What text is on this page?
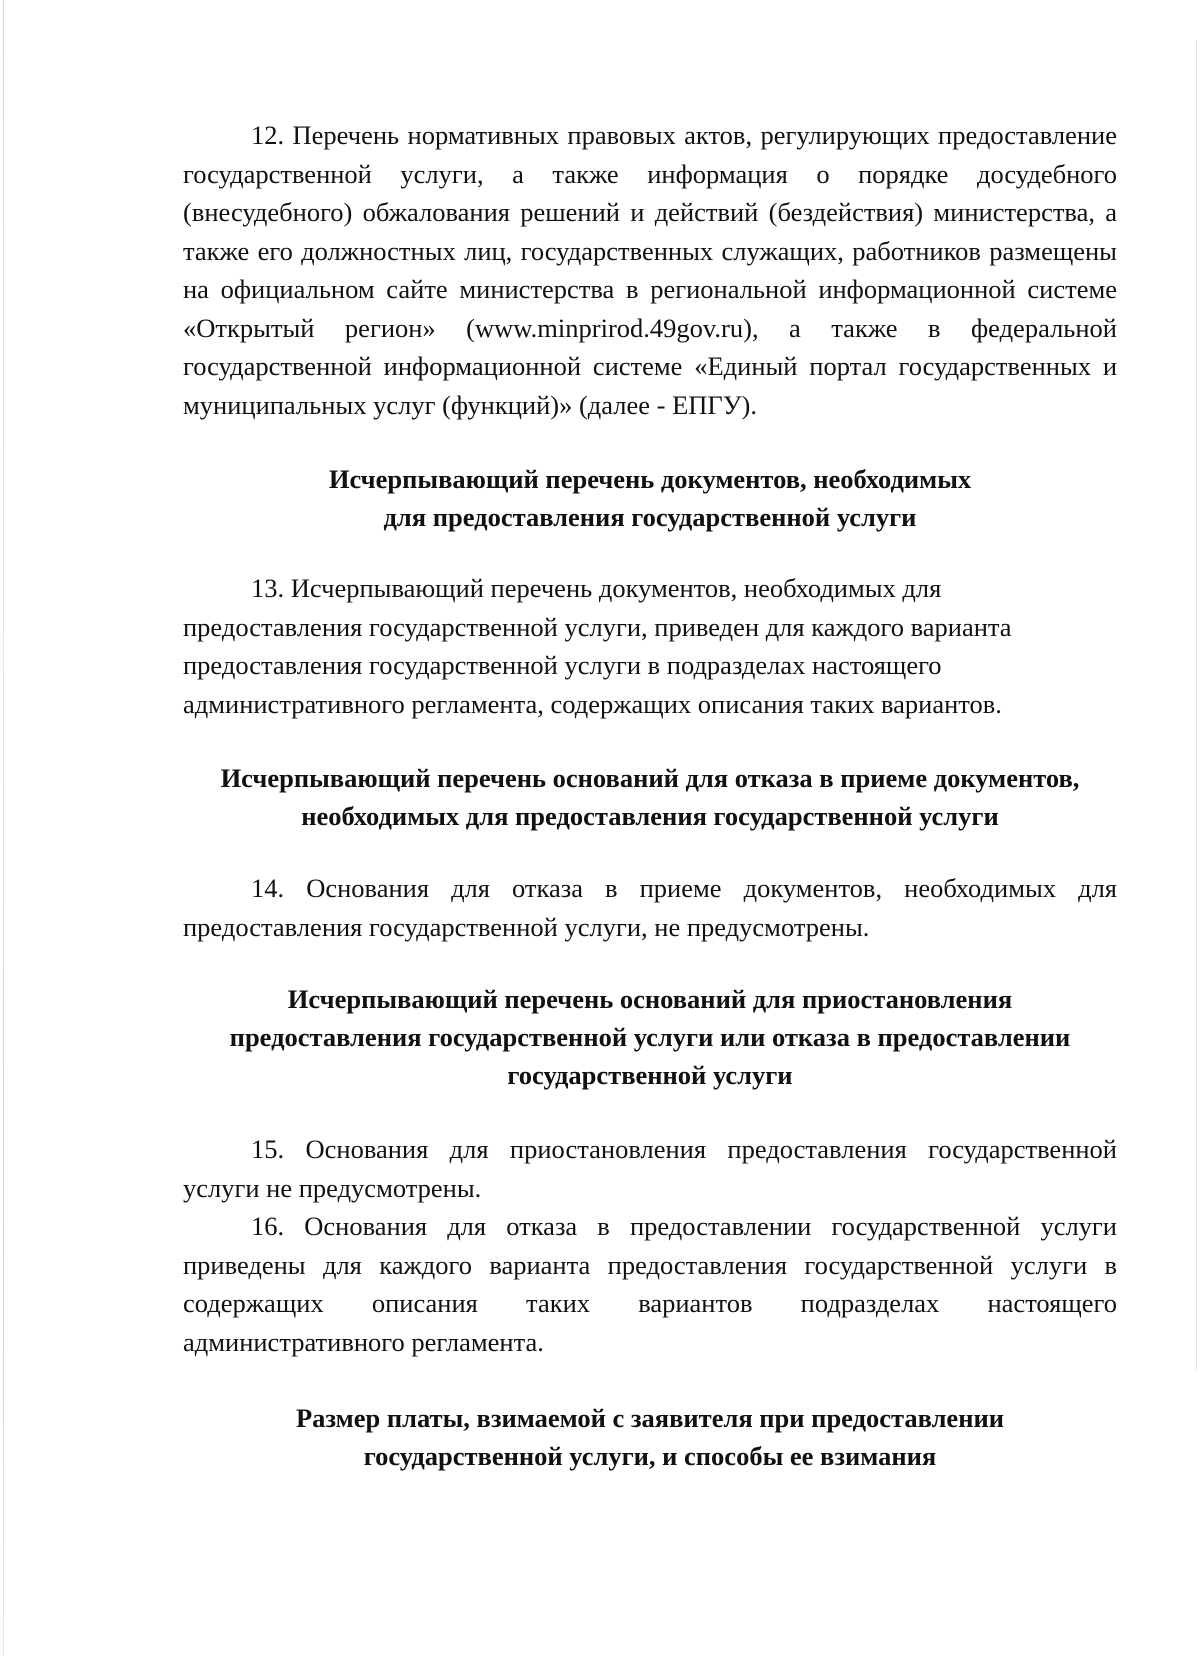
12. Перечень нормативных правовых актов, регулирующих предоставление государственной услуги, а также информация о порядке досудебного (внесудебного) обжалования решений и действий (бездействия) министерства, а также его должностных лиц, государственных служащих, работников размещены на официальном сайте министерства в региональной информационной системе «Открытый регион» (www.minprirod.49gov.ru), а также в федеральной государственной информационной системе «Единый портал государственных и муниципальных услуг (функций)» (далее - ЕПГУ).

Исчерпывающий перечень документов, необходимых
для предоставления государственной услуги
13. Исчерпывающий перечень документов, необходимых для
предоставления государственной услуги, приведен для каждого варианта
предоставления государственной услуги в подразделах настоящего
административного регламента, содержащих описания таких вариантов.
Исчерпывающий перечень оснований для отказа в приеме документов,
необходимых для предоставления государственной услуги

14. Основания для отказа в приеме документов, необходимых для предоставления государственной услуги, не предусмотрены.

Исчерпывающий перечень оснований для приостановления
предоставления государственной услуги или отказа в предоставлении
государственной услуги

15. Основания для приостановления предоставления государственной услуги не предусмотрены.

16. Основания для отказа в предоставлении государственной услуги приведены для каждого варианта предоставления государственной услуги в содержащих описания таких вариантов подразделах настоящего административного регламента.

Размер платы, взимаемой с заявителя при предоставлении
государственной услуги, и способы ее взимания
